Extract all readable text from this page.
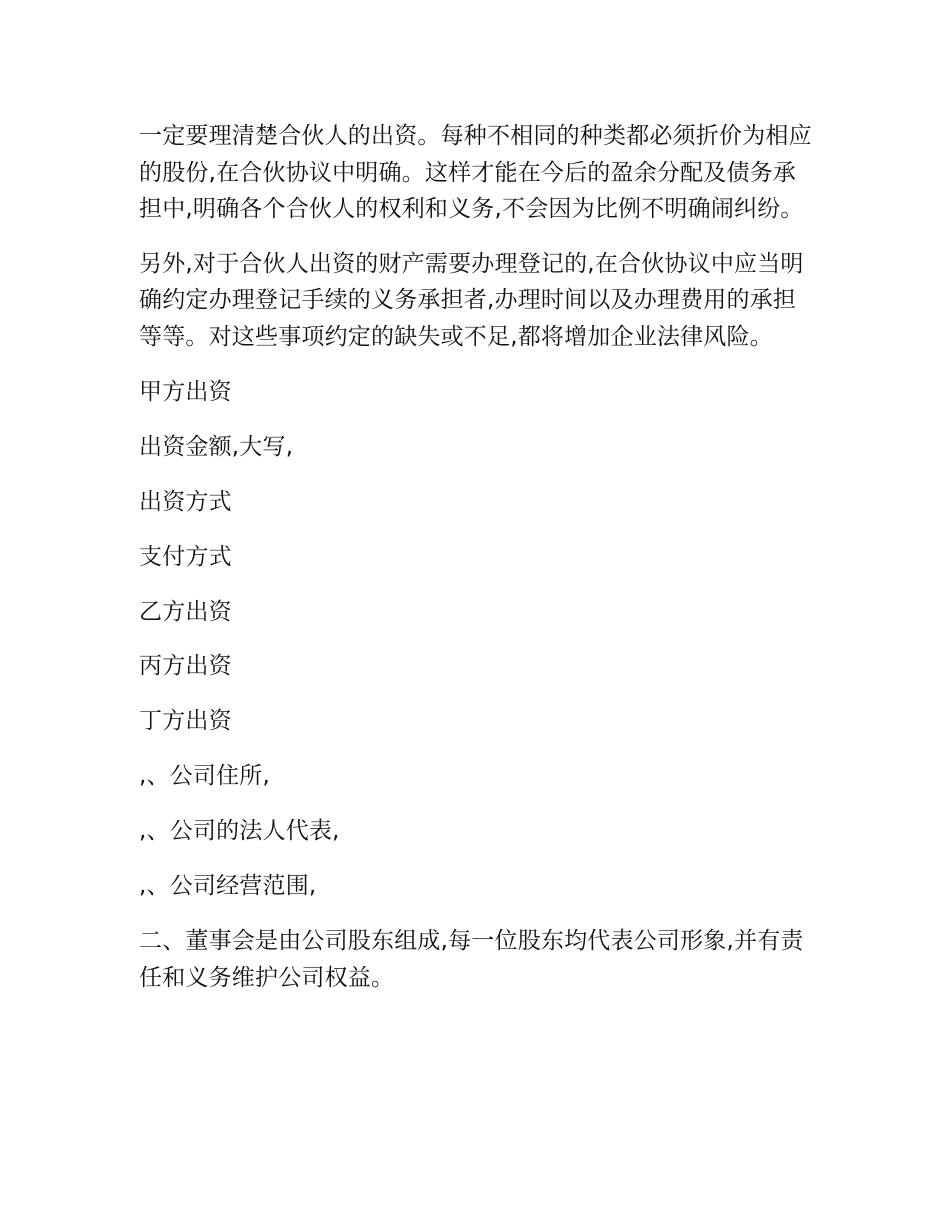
一定要理清楚合伙人的出资。每种不相同的种类都必须折价为相应的股份,在合伙协议中明确。这样才能在今后的盈余分配及债务承担中,明确各个合伙人的权利和义务,不会因为比例不明确闹纠纷。

另外,对于合伙人出资的财产需要办理登记的,在合伙协议中应当明确约定办理登记手续的义务承担者,办理时间以及办理费用的承担等等。对这些事项约定的缺失或不足,都将增加企业法律风险。

甲方出资

出资金额,大写,

出资方式

支付方式

乙方出资

丙方出资

丁方出资

,、公司住所,

,、公司的法人代表,

,、公司经营范围,

二、董事会是由公司股东组成,每一位股东均代表公司形象,并有责任和义务维护公司权益。
